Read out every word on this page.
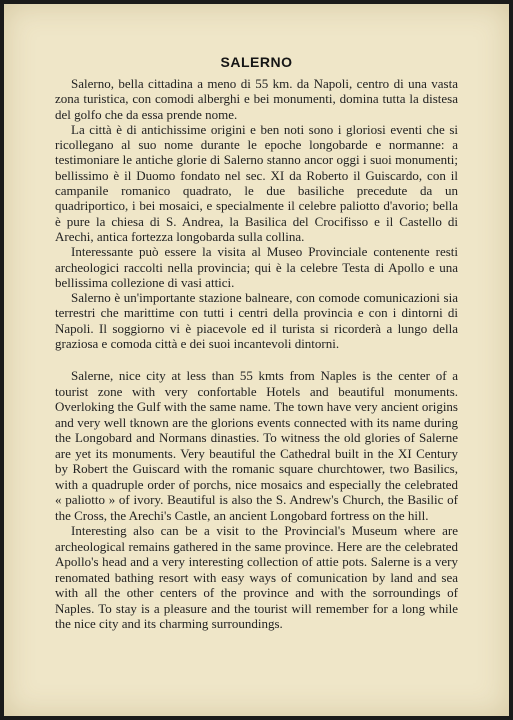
SALERNO

Salerno, bella cittadina a meno di 55 km. da Napoli, centro di una vasta zona turistica, con comodi alberghi e bei monumenti, domina tutta la distesa del golfo che da essa prende nome.

La città è di antichissime origini e ben noti sono i gloriosi eventi che si ricollegano al suo nome durante le epoche longobarde e normanne: a testimoniare le antiche glorie di Salerno stanno ancor oggi i suoi monumenti; bellissimo è il Duomo fondato nel sec. XI da Roberto il Guiscardo, con il campanile romanico quadrato, le due basiliche precedute da un quadriportico, i bei mosaici, e specialmente il celebre paliotto d'avorio; bella è pure la chiesa di S. Andrea, la Basilica del Crocifisso e il Castello di Arechi, antica fortezza longobarda sulla collina.

Interessante può essere la visita al Museo Provinciale contenente resti archeologici raccolti nella provincia; qui è la celebre Testa di Apollo e una bellissima collezione di vasi attici.

Salerno è un'importante stazione balneare, con comode comunicazioni sia terrestri che marittime con tutti i centri della provincia e con i dintorni di Napoli. Il soggiorno vi è piacevole ed il turista si ricorderà a lungo della graziosa e comoda città e dei suoi incantevoli dintorni.

Salerne, nice city at less than 55 kmts from Naples is the center of a tourist zone with very confortable Hotels and beautiful monuments. Overloking the Gulf with the same name. The town have very ancient origins and very well tknown are the glorions events connected with its name during the Longobard and Normans dinasties. To witness the old glories of Salerne are yet its monuments. Very beautiful the Cathedral built in the XI Century by Robert the Guiscard with the romanic square churchtower, two Basilics, with a quadruple order of porchs, nice mosaics and especially the celebrated « paliotto » of ivory. Beautiful is also the S. Andrew's Church, the Basilic of the Cross, the Arechi's Castle, an ancient Longobard fortress on the hill.

Interesting also can be a visit to the Provincial's Museum where are archeological remains gathered in the same province. Here are the celebrated Apollo's head and a very interesting collection of attie pots. Salerne is a very renomated bathing resort with easy ways of comunication by land and sea with all the other centers of the province and with the sorroundings of Naples. To stay is a pleasure and the tourist will remember for a long while the nice city and its charming surroundings.
